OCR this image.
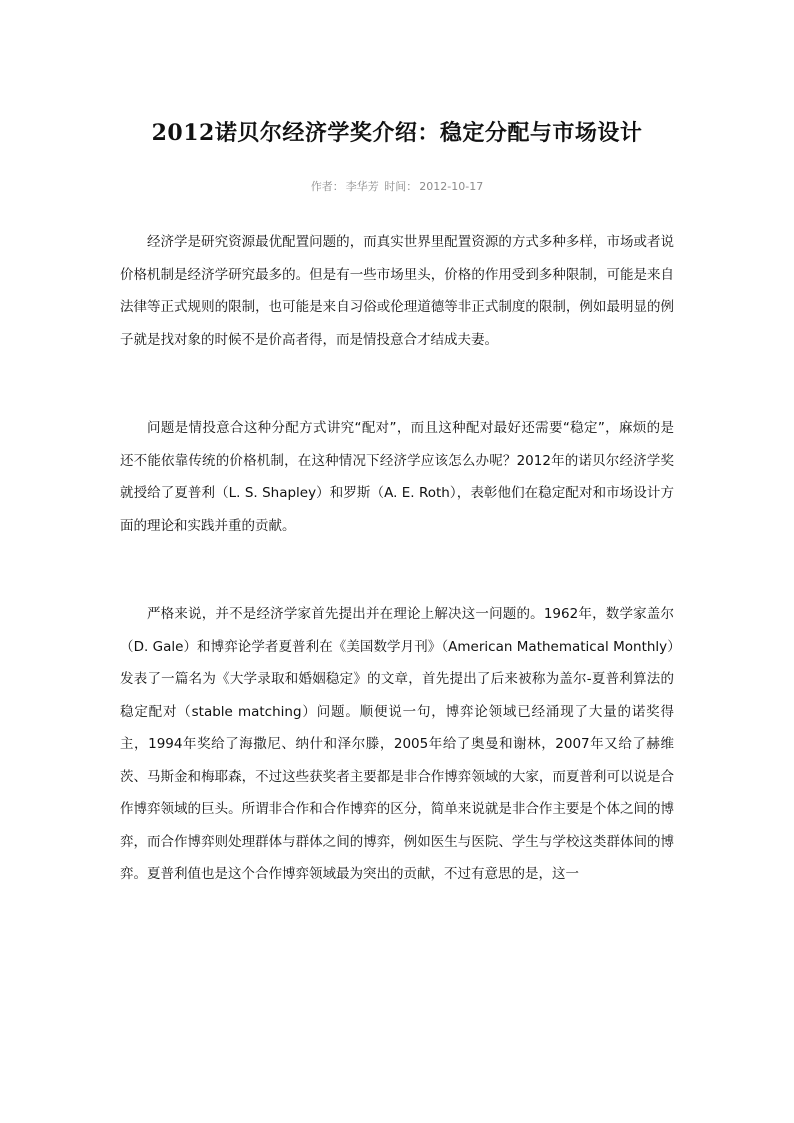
2012诺贝尔经济学奖介绍：稳定分配与市场设计
作者： 李华芳 时间： 2012-10-17

经济学是研究资源最优配置问题的，而真实世界里配置资源的方式多种多样，市场或者说价格机制是经济学研究最多的。但是有一些市场里头，价格的作用受到多种限制，可能是来自法律等正式规则的限制，也可能是来自习俗或伦理道德等非正式制度的限制，例如最明显的例子就是找对象的时候不是价高者得，而是情投意合才结成夫妻。

问题是情投意合这种分配方式讲究“配对”，而且这种配对最好还需要“稳定”，麻烦的是还不能依靠传统的价格机制，在这种情况下经济学应该怎么办呢？2012年的诺贝尔经济学奖就授给了夏普利（L. S. Shapley）和罗斯（A. E. Roth），表彰他们在稳定配对和市场设计方面的理论和实践并重的贡献。

严格来说，并不是经济学家首先提出并在理论上解决这一问题的。1962年，数学家盖尔（D. Gale）和博弈论学者夏普利在《美国数学月刊》（American Mathematical Monthly）发表了一篇名为《大学录取和婚姻稳定》的文章，首先提出了后来被称为盖尔-夏普利算法的稳定配对（stable matching）问题。顺便说一句，博弈论领域已经涌现了大量的诺奖得主，1994年奖给了海撒尼、纳什和泽尔滕，2005年给了奥曼和谢林，2007年又给了赫维茨、马斯金和梅耶森，不过这些获奖者主要都是非合作博弈领域的大家，而夏普利可以说是合作博弈领域的巨头。所谓非合作和合作博弈的区分，简单来说就是非合作主要是个体之间的博弈，而合作博弈则处理群体与群体之间的博弈，例如医生与医院、学生与学校这类群体间的博弈。夏普利值也是这个合作博弈领域最为突出的贡献，不过有意思的是，这一
